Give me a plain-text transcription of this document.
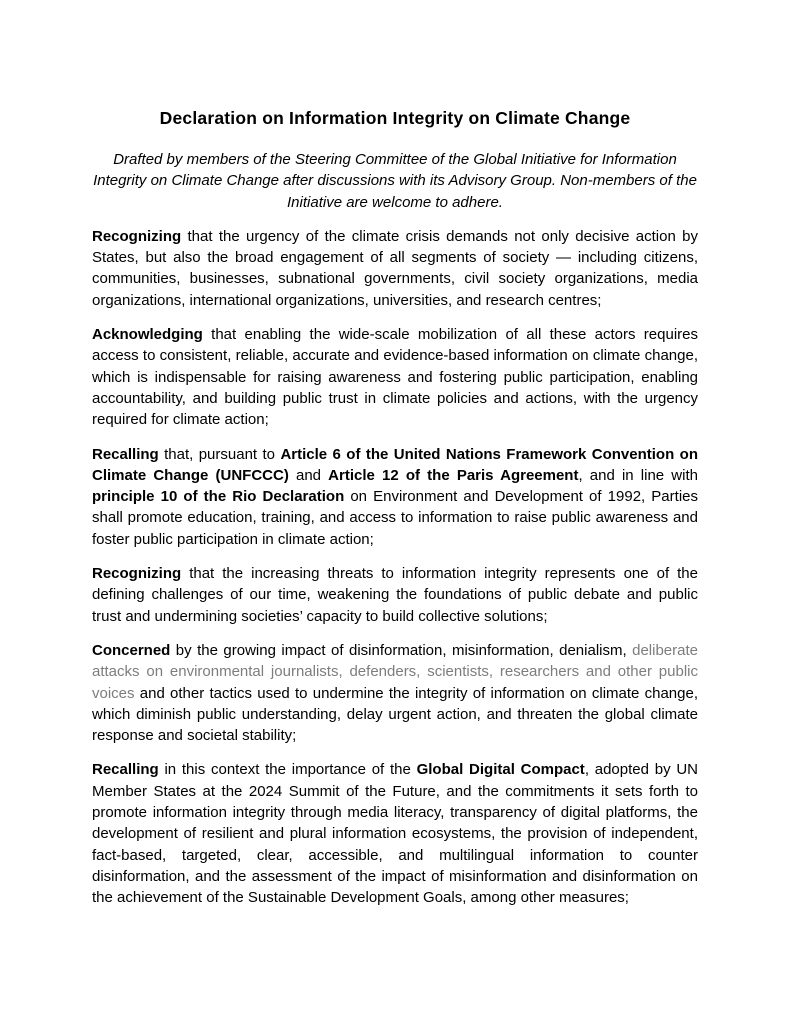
Declaration on Information Integrity on Climate Change

Drafted by members of the Steering Committee of the Global Initiative for Information Integrity on Climate Change after discussions with its Advisory Group. Non-members of the Initiative are welcome to adhere.

Recognizing that the urgency of the climate crisis demands not only decisive action by States, but also the broad engagement of all segments of society — including citizens, communities, businesses, subnational governments, civil society organizations, media organizations, international organizations, universities, and research centres;

Acknowledging that enabling the wide-scale mobilization of all these actors requires access to consistent, reliable, accurate and evidence-based information on climate change, which is indispensable for raising awareness and fostering public participation, enabling accountability, and building public trust in climate policies and actions, with the urgency required for climate action;

Recalling that, pursuant to Article 6 of the United Nations Framework Convention on Climate Change (UNFCCC) and Article 12 of the Paris Agreement, and in line with principle 10 of the Rio Declaration on Environment and Development of 1992, Parties shall promote education, training, and access to information to raise public awareness and foster public participation in climate action;

Recognizing that the increasing threats to information integrity represents one of the defining challenges of our time, weakening the foundations of public debate and public trust and undermining societies’ capacity to build collective solutions;

Concerned by the growing impact of disinformation, misinformation, denialism, deliberate attacks on environmental journalists, defenders, scientists, researchers and other public voices and other tactics used to undermine the integrity of information on climate change, which diminish public understanding, delay urgent action, and threaten the global climate response and societal stability;

Recalling in this context the importance of the Global Digital Compact, adopted by UN Member States at the 2024 Summit of the Future, and the commitments it sets forth to promote information integrity through media literacy, transparency of digital platforms, the development of resilient and plural information ecosystems, the provision of independent, fact-based, targeted, clear, accessible, and multilingual information to counter disinformation, and the assessment of the impact of misinformation and disinformation on the achievement of the Sustainable Development Goals, among other measures;
